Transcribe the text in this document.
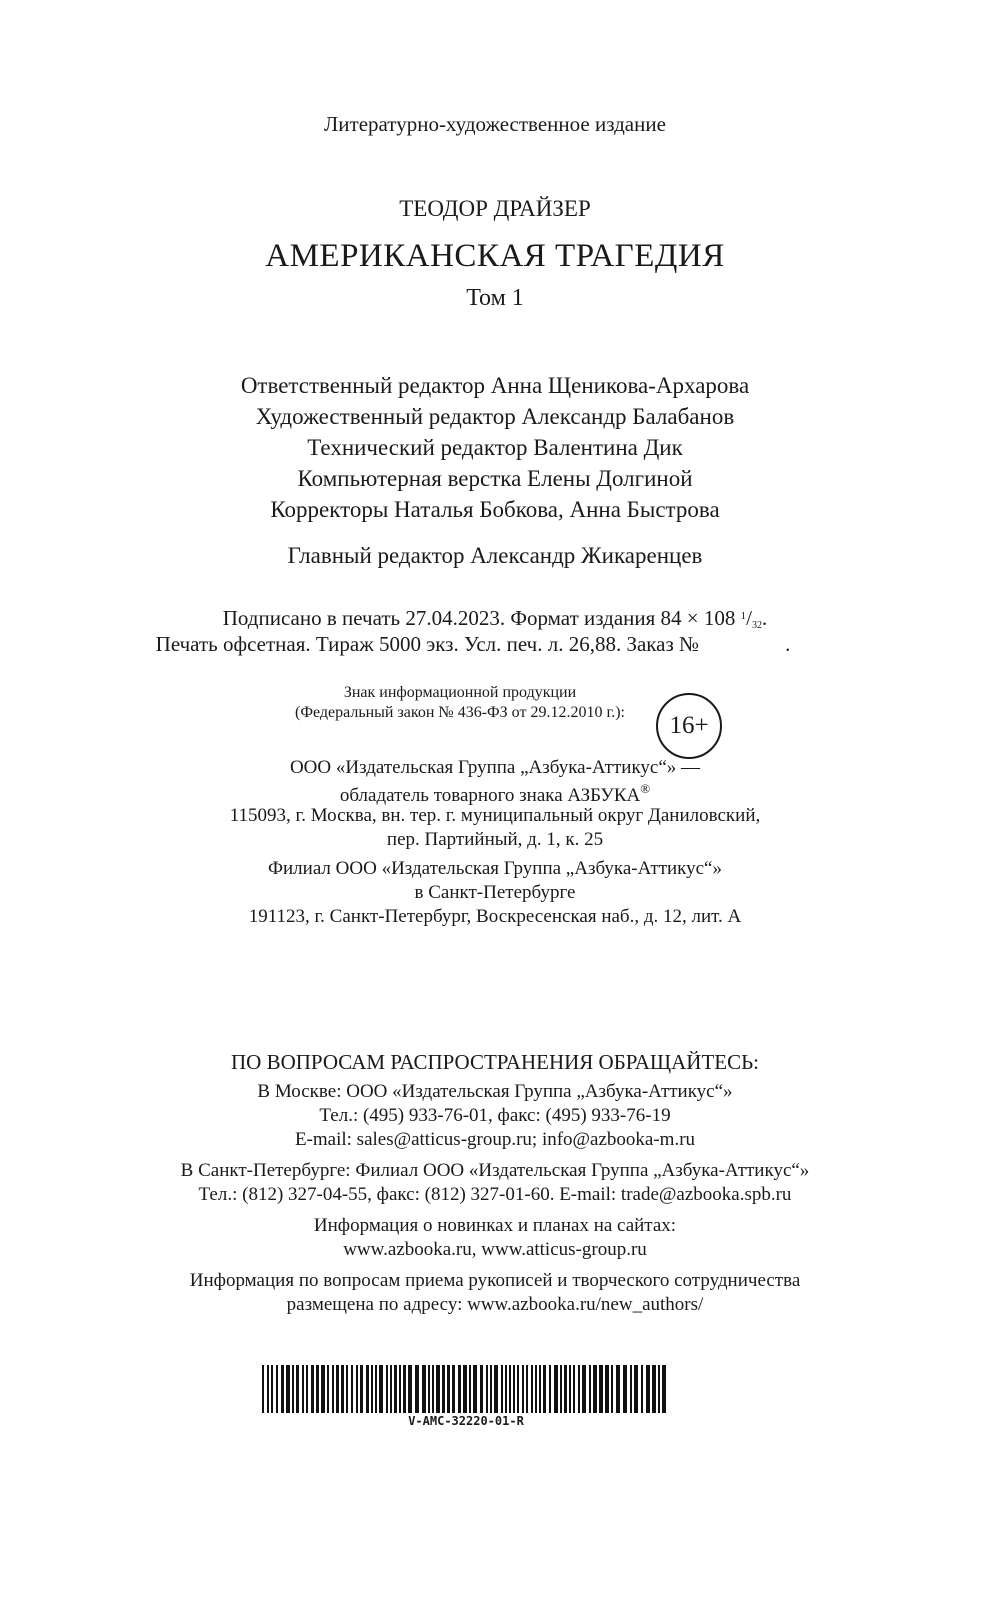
Литературно-художественное издание
ТЕОДОР ДРАЙЗЕР
АМЕРИКАНСКАЯ ТРАГЕДИЯ
Том 1
Ответственный редактор Анна Щеникова-Архарова
Художественный редактор Александр Балабанов
Технический редактор Валентина Дик
Компьютерная верстка Елены Долгиной
Корректоры Наталья Бобкова, Анна Быстрова
Главный редактор Александр Жикаренцев
Подписано в печать 27.04.2023. Формат издания 84 × 108 $^1/_{32}$.
Печать офсетная. Тираж 5000 экз. Усл. печ. л. 26,88. Заказ №	.
Знак информационной продукции
(Федеральный закон № 436-ФЗ от 29.12.2010 г.):	16+
ООО «Издательская Группа „Азбука-Аттикус“» —
обладатель товарного знака АЗБУКА®
115093, г. Москва, вн. тер. г. муниципальный округ Даниловский,
пер. Партийный, д. 1, к. 25
Филиал ООО «Издательская Группа „Азбука-Аттикус“»
в Санкт-Петербурге
191123, г. Санкт-Петербург, Воскресенская наб., д. 12, лит. А
ПО ВОПРОСАМ РАСПРОСТРАНЕНИЯ ОБРАЩАЙТЕСЬ:
В Москве: ООО «Издательская Группа „Азбука-Аттикус“»
Тел.: (495) 933-76-01, факс: (495) 933-76-19
E-mail: sales@atticus-group.ru; info@azbooka-m.ru
В Санкт-Петербурге: Филиал ООО «Издательская Группа „Азбука-Аттикус“»
Тел.: (812) 327-04-55, факс: (812) 327-01-60. E-mail: trade@azbooka.spb.ru
Информация о новинках и планах на сайтах:
www.azbooka.ru, www.atticus-group.ru
Информация по вопросам приема рукописей и творческого сотрудничества
размещена по адресу: www.azbooka.ru/new_authors/
V-AMC-32220-01-R
